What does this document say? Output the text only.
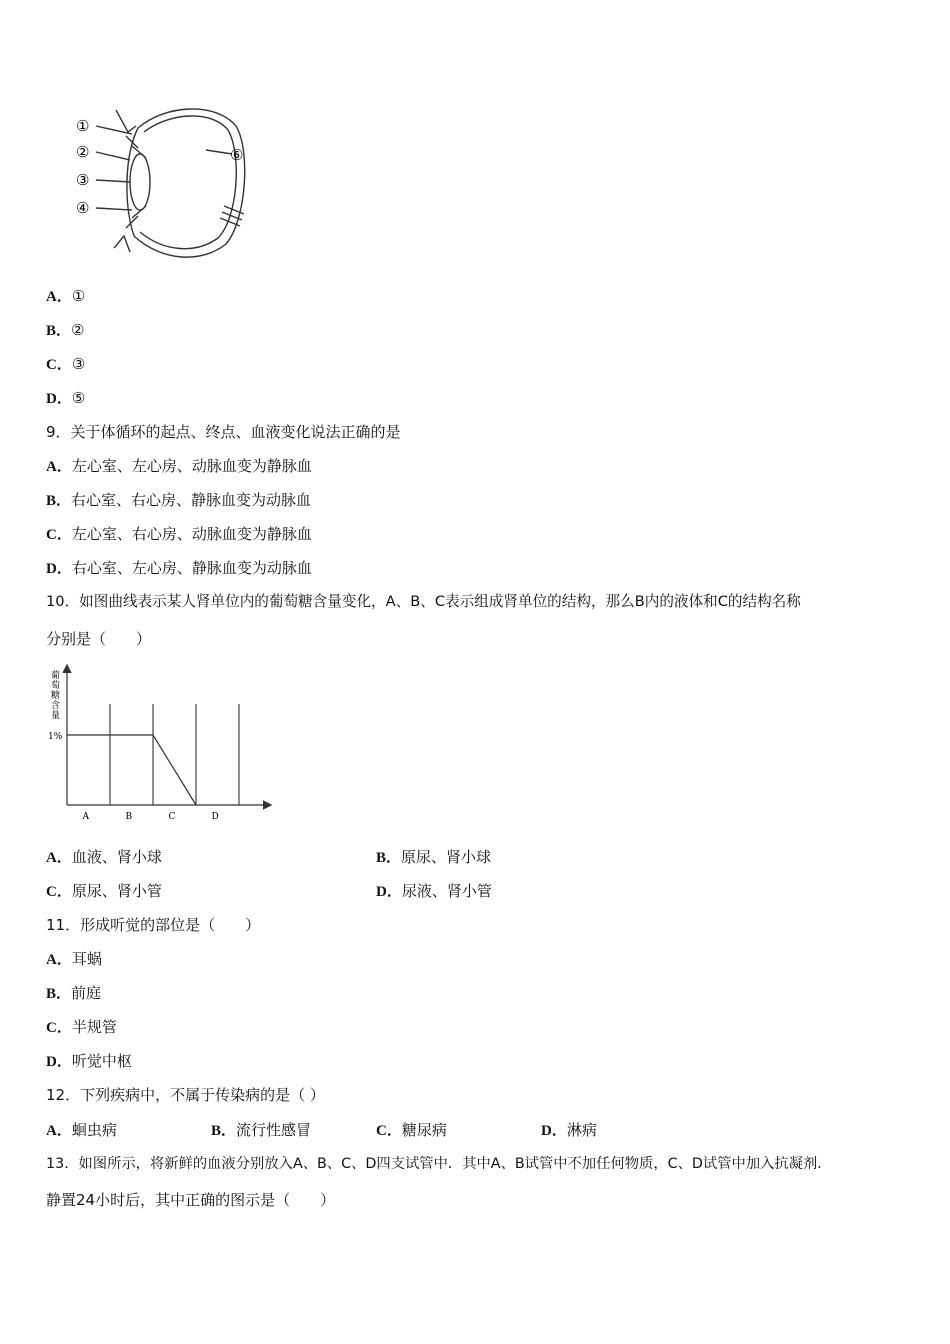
①
②
③
④
⑥
A．①
B．②
C．③
D．⑤
9．关于体循环的起点、终点、血液变化说法正确的是
A．左心室、左心房、动脉血变为静脉血
B．右心室、右心房、静脉血变为动脉血
C．左心室、右心房、动脉血变为静脉血
D．右心室、左心房、静脉血变为动脉血
10．如图曲线表示某人肾单位内的葡萄糖含量变化，A、B、C表示组成肾单位的结构，那么B内的液体和C的结构名称
分别是（　　）
A	B	C	D
1%
葡
萄
糖
含
量
A．血液、肾小球	B．原尿、肾小球
C．原尿、肾小管	D．尿液、肾小管
11．形成听觉的部位是（　　）
A．耳蜗
B．前庭
C．半规管
D．听觉中枢
12．下列疾病中，不属于传染病的是（ ）
A．蛔虫病	B．流行性感冒	C．糖尿病	D．淋病
13．如图所示，将新鲜的血液分别放入A、B、C、D四支试管中．其中A、B试管中不加任何物质，C、D试管中加入抗凝剂．
静置24小时后，其中正确的图示是（　　）
